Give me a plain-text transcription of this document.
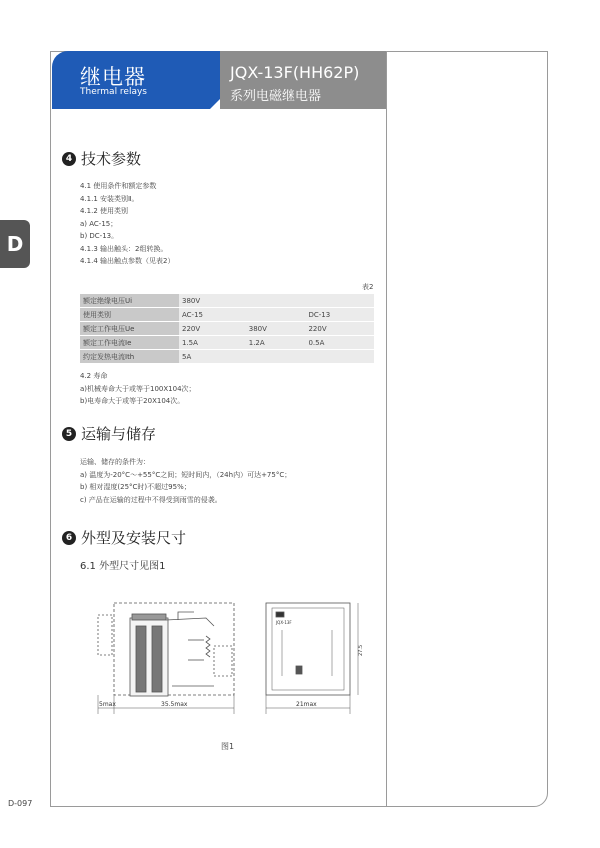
继电器
Thermal relays
JQX-13F(HH62P)
系列电磁继电器
D
4 技术参数
4.1 使用条件和额定参数
4.1.1 安装类别Ⅱ。
4.1.2 使用类别
a) AC-15；
b) DC-13。
4.1.3 输出触头：2组转换。
4.1.4 输出触点参数（见表2）
表2
额定绝缘电压Ui	380V		
使用类别	AC-15		DC-13
额定工作电压Ue	220V	380V	220V
额定工作电流Ie	1.5A	1.2A	0.5A
约定发热电流Ith	5A		
4.2 寿命
a)机械寿命大于或等于100X104次；
b)电寿命大于或等于20X104次。
5 运输与储存
运输、储存的条件为：
a) 温度为-20°C～+55°C之间；短时间内，（24h内）可达+75°C；
b) 相对湿度(25°C时)不超过95%；
c) 产品在运输的过程中不得受到雨雪的侵袭。
6 外型及安装尺寸
6.1 外型尺寸见图1
5max	35.5max
JQX-13F
21max
27.5
图1
D-097
